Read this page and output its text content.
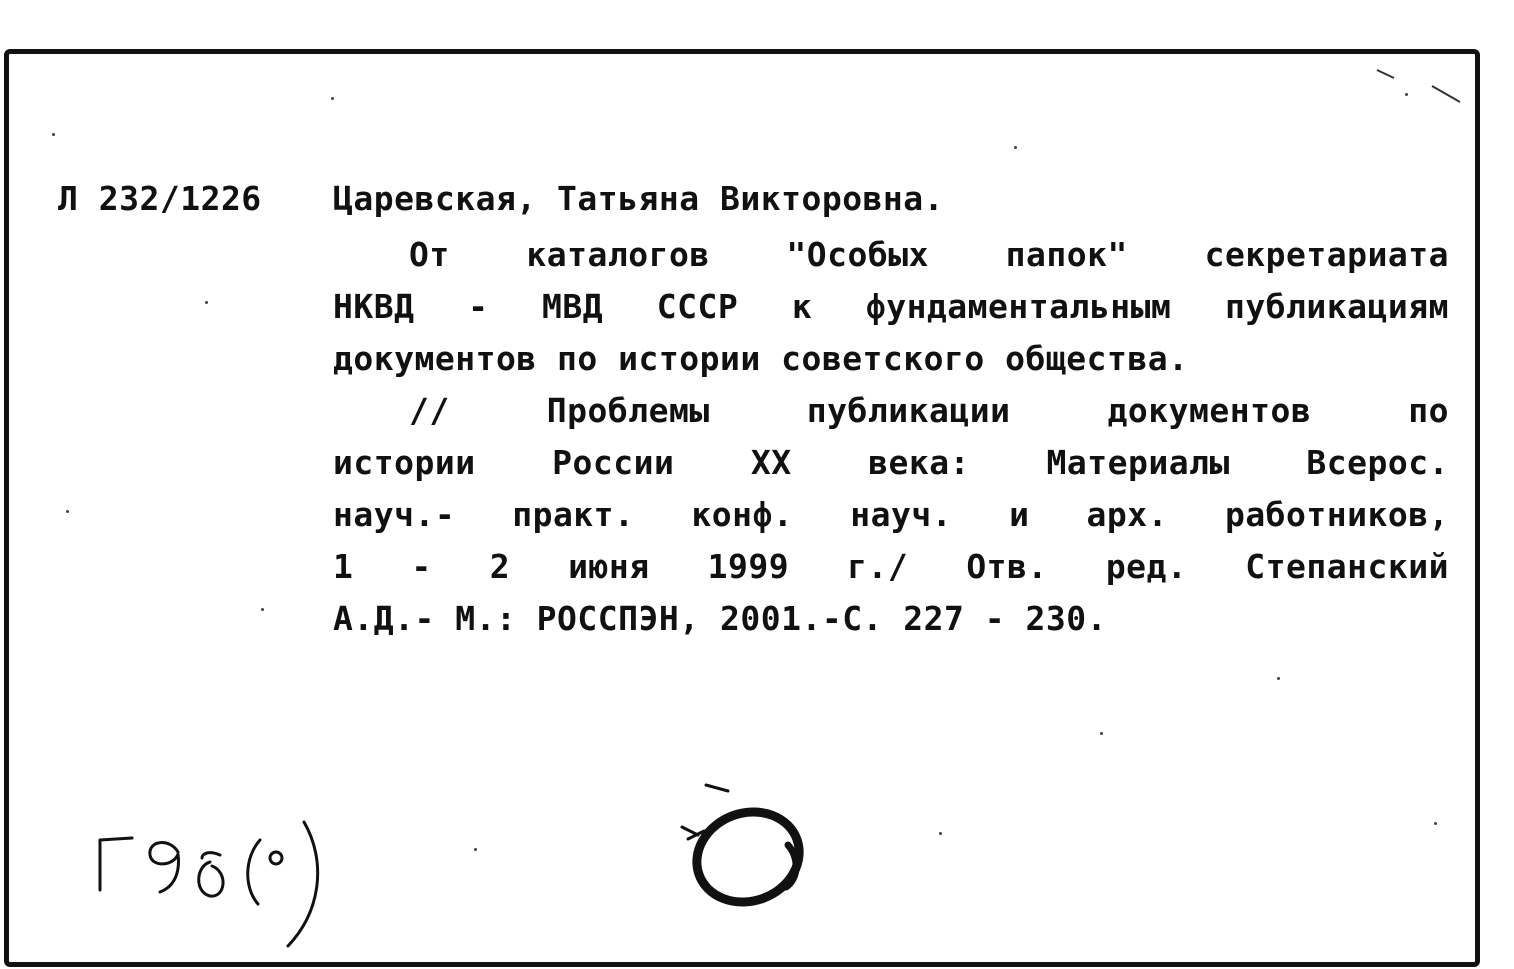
Л 232/1226 Царевская, Татьяна Викторовна.
От каталогов "Особых папок" секретариата
НКВД - МВД СССР к фундаментальным публикациям
документов по истории советского общества.
// Проблемы публикации документов по
истории России XX века: Материалы Всерос.
науч.- практ. конф. науч. и арх. работников,
1 - 2 июня 1999 г./ Отв. ред. Степанский
А.Д.- М.: РОССПЭН, 2001.-С. 227 - 230.
